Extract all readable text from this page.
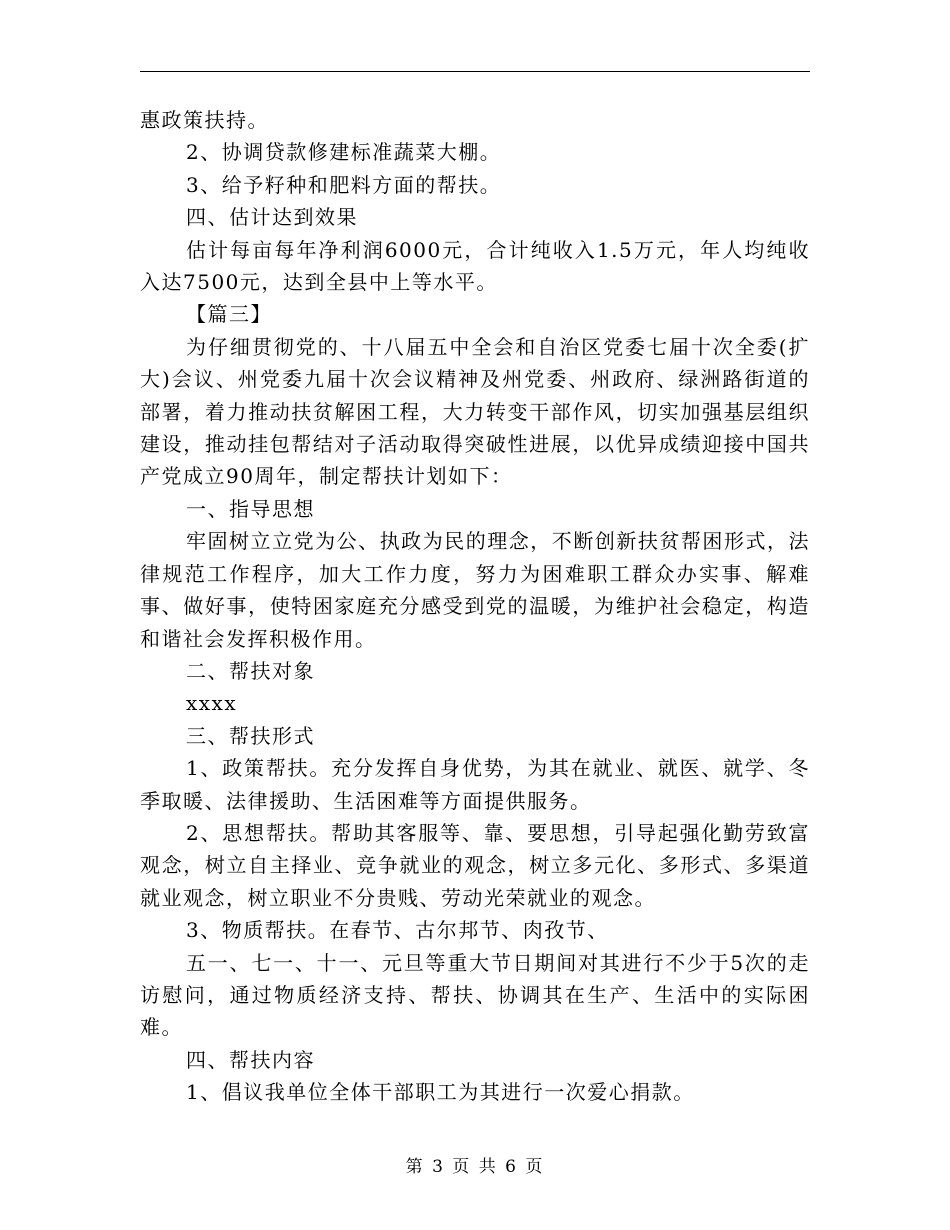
惠政策扶持。

2、协调贷款修建标准蔬菜大棚。

3、给予籽种和肥料方面的帮扶。

四、估计达到效果

估计每亩每年净利润6000元，合计纯收入1.5万元，年人均纯收入达7500元，达到全县中上等水平。

【篇三】

为仔细贯彻党的、十八届五中全会和自治区党委七届十次全委(扩大)会议、州党委九届十次会议精神及州党委、州政府、绿洲路街道的部署，着力推动扶贫解困工程，大力转变干部作风，切实加强基层组织建设，推动挂包帮结对子活动取得突破性进展，以优异成绩迎接中国共产党成立90周年，制定帮扶计划如下：

一、指导思想

牢固树立立党为公、执政为民的理念，不断创新扶贫帮困形式，法律规范工作程序，加大工作力度，努力为困难职工群众办实事、解难事、做好事，使特困家庭充分感受到党的温暖，为维护社会稳定，构造和谐社会发挥积极作用。

二、帮扶对象

xxxx

三、帮扶形式

1、政策帮扶。充分发挥自身优势，为其在就业、就医、就学、冬季取暖、法律援助、生活困难等方面提供服务。

2、思想帮扶。帮助其客服等、靠、要思想，引导起强化勤劳致富观念，树立自主择业、竞争就业的观念，树立多元化、多形式、多渠道就业观念，树立职业不分贵贱、劳动光荣就业的观念。

3、物质帮扶。在春节、古尔邦节、肉孜节、

五一、七一、十一、元旦等重大节日期间对其进行不少于5次的走访慰问，通过物质经济支持、帮扶、协调其在生产、生活中的实际困难。

四、帮扶内容

1、倡议我单位全体干部职工为其进行一次爱心捐款。

第 3 页 共 6 页
